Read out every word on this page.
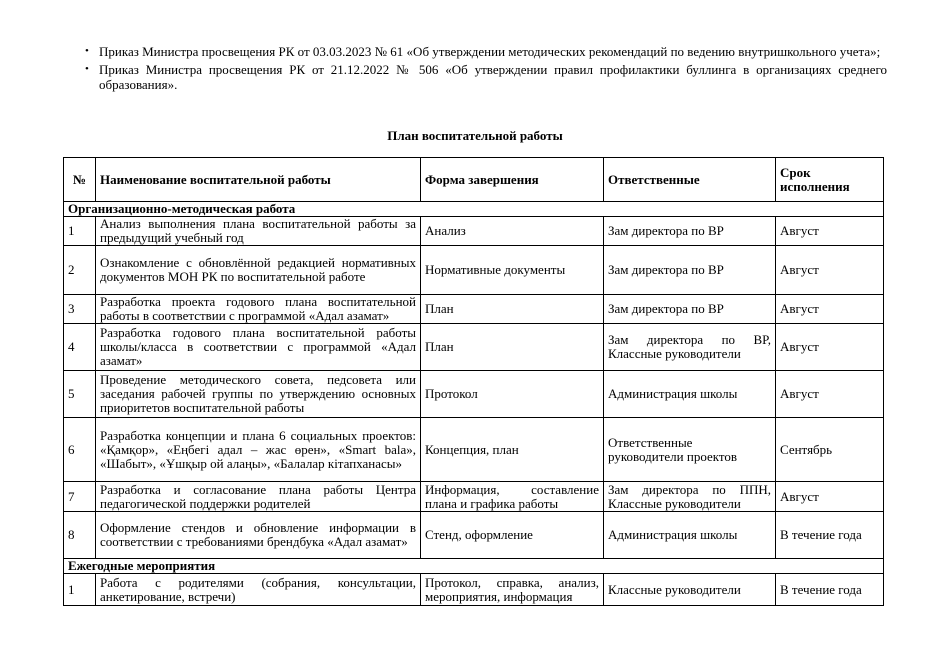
• Приказ Министра просвещения РК от 03.03.2023 № 61 «Об утверждении методических рекомендаций по ведению внутришкольного учета»;
• Приказ Министра просвещения РК от 21.12.2022 № 506 «Об утверждении правил профилактики буллинга в организациях среднего образования».
План воспитательной работы
№	Наименование воспитательной работы	Форма завершения	Ответственные	Срок исполнения
Организационно-методическая работа				
1	Анализ выполнения плана воспитательной работы за предыдущий учебный год	Анализ	Зам директора по ВР	Август
2	Ознакомление с обновлённой редакцией нормативных документов МОН РК по воспитательной работе	Нормативные документы	Зам директора по ВР	Август
3	Разработка проекта годового плана воспитательной работы в соответствии с программой «Адал азамат»	План	Зам директора по ВР	Август
4	Разработка годового плана воспитательной работы школы/класса в соответствии с программой «Адал азамат»	План	Зам директора по ВР, Классные руководители	Август
5	Проведение методического совета, педсовета или заседания рабочей группы по утверждению основных приоритетов воспитательной работы	Протокол	Администрация школы	Август
6	Разработка концепции и плана 6 социальных проектов: «Қамқор», «Еңбегі адал – жас өрен», «Smart bala», «Шабыт», «Ұшқыр ой алаңы», «Балалар кітапханасы»	Концепция, план	Ответственные руководители проектов	Сентябрь
7	Разработка и согласование плана работы Центра педагогической поддержки родителей	Информация, составление плана и графика работы	Зам директора по ППН, Классные руководители	Август
8	Оформление стендов и обновление информации в соответствии с требованиями брендбука «Адал азамат»	Стенд, оформление	Администрация школы	В течение года
Ежегодные мероприятия				
1	Работа с родителями (собрания, консультации, анкетирование, встречи)	Протокол, справка, анализ, мероприятия, информация	Классные руководители	В течение года
